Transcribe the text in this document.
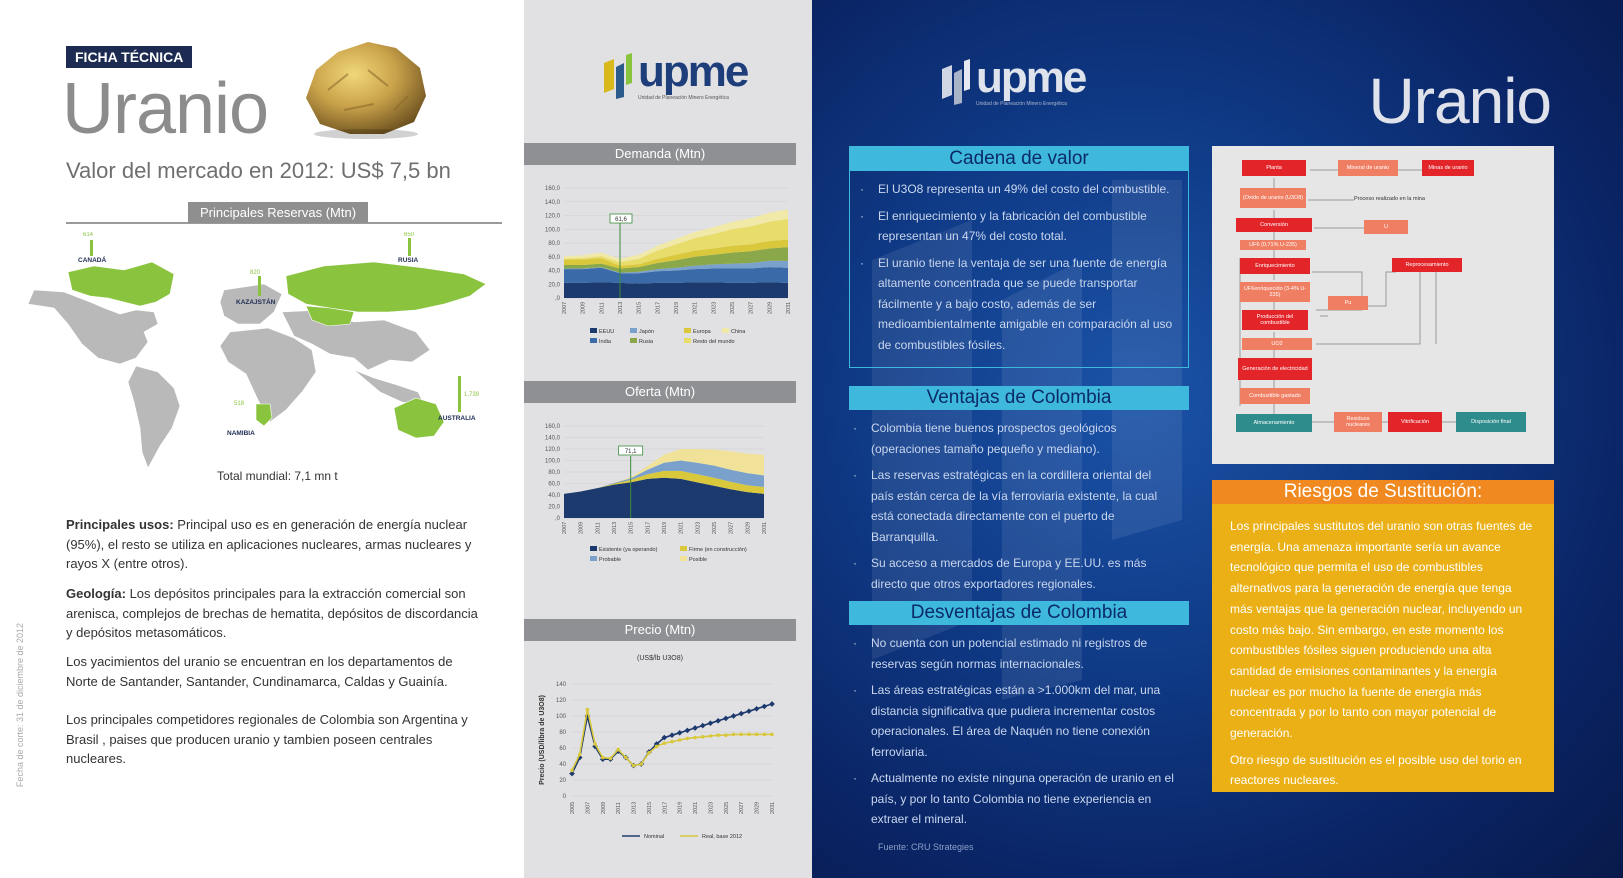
FICHA TÉCNICA
Uranio
Valor del mercado en 2012: US$ 7,5 bn
Principales Reservas (Mtn)
614
CANADÁ
650
RUSIA
820
KAZAJSTÁN
518
NAMIBIA
1,739
AUSTRALIA
Total mundial: 7,1 mn t
Principales usos: Principal uso es en generación de energía nuclear (95%), el resto se utiliza en aplicaciones nucleares, armas nucleares y rayos X (entre otros).
Geología: Los depósitos principales para la extracción comercial son arenisca, complejos de brechas de hematita, depósitos de discordancia y depósitos metasomáticos.
Los yacimientos del uranio se encuentran en los departamentos de Norte de Santander, Santander, Cundinamarca, Caldas y Guainía.
Los principales competidores regionales de Colombia son Argentina y Brasil , paises que producen uranio y tambien poseen centrales nucleares.
Fecha de corte: 31 de diciembre de 2012
upme
Unidad de Planeación Minero Energética
Demanda (Mtn)
160,0
140,0
120,0
100,0
80,0
60,0
40,0
20,0
,0
2007 2009 2011 2013 2015 2017 2019 2021 2023 2025 2027 2029 2031
61,6
EEUU	Japón	Europa	China
India	Rusia	Resto del mundo
Oferta (Mtn)
160,0
140,0
120,0
100,0
80,0
60,0
40,0
20,0
,0
2007 2009 2011 2013 2015 2017 2019 2021 2023 2025 2027 2029 2031
71,1
Existente (ya operando)	Firme (en construcción)
Probable	Posible
Precio (Mtn)
(US$/lb U3O8)
Precio (USD/libra de U3O8)
140
120
100
80
60
40
20
0
2005 2007 2009 2011 2013 2015 2017 2019 2021 2023 2025 2027 2029 2031
Nominal	Real, base 2012
upme
Unidad de Planeación Minero Energética	Uranio
Cadena de valor
· El U3O8 representa un 49% del costo del combustible.
· El enriquecimiento y la fabricación del combustible representan un 47% del costo total.
· El uranio tiene la ventaja de ser una fuente de energía altamente concentrada que se puede transportar fácilmente y a bajo costo, además de ser medioambientalmente amigable en comparación al uso de combustibles fósiles.
Ventajas de Colombia
· Colombia tiene buenos prospectos geológicos (operaciones tamaño pequeño y mediano).
· Las reservas estratégicas en la cordillera oriental del país están cerca de la vía ferroviaria existente, la cual está conectada directamente con el puerto de Barranquilla.
· Su acceso a mercados de Europa y EE.UU. es más directo que otros exportadores regionales.
Desventajas de Colombia
· No cuenta con un potencial estimado ni registros de reservas según normas internacionales.
· Las áreas estratégicas están a >1.000km del mar, una distancia significativa que pudiera incrementar costos operacionales. El área de Naquén no tiene conexión ferroviaria.
· Actualmente no existe ninguna operación de uranio en el país, y por lo tanto Colombia no tiene experiencia en extraer el mineral.
Fuente: CRU Strategies
Planta	Mineral de uranio	Minas de uranio
(Oxido de uranio (U3O8)	Proceso realizado en la mina
Conversión	U
UF6 (0,71% U-235)
Enriquecimiento	Reprocesamiento
UF6enriquecido (3-4% U-235)
Pu
Producción del combustible
UO2
Generación de electricidad
Combustible gastado
Almacenamiento
Residuos nucleares	Vitrificación	Disposición final
Riesgos de Sustitución:

Los principales sustitutos del uranio son otras fuentes de energía. Una amenaza importante sería un avance tecnológico que permita el uso de combustibles alternativos para la generación de energía que tenga más ventajas que la generación nuclear, incluyendo un costo más bajo. Sin embargo, en este momento los combustibles fósiles siguen produciendo una alta cantidad de emisiones contaminantes y la energía nuclear es por mucho la fuente de energía más concentrada y por lo tanto con mayor potencial de generación.

Otro riesgo de sustitución es el posible uso del torio en reactores nucleares.
